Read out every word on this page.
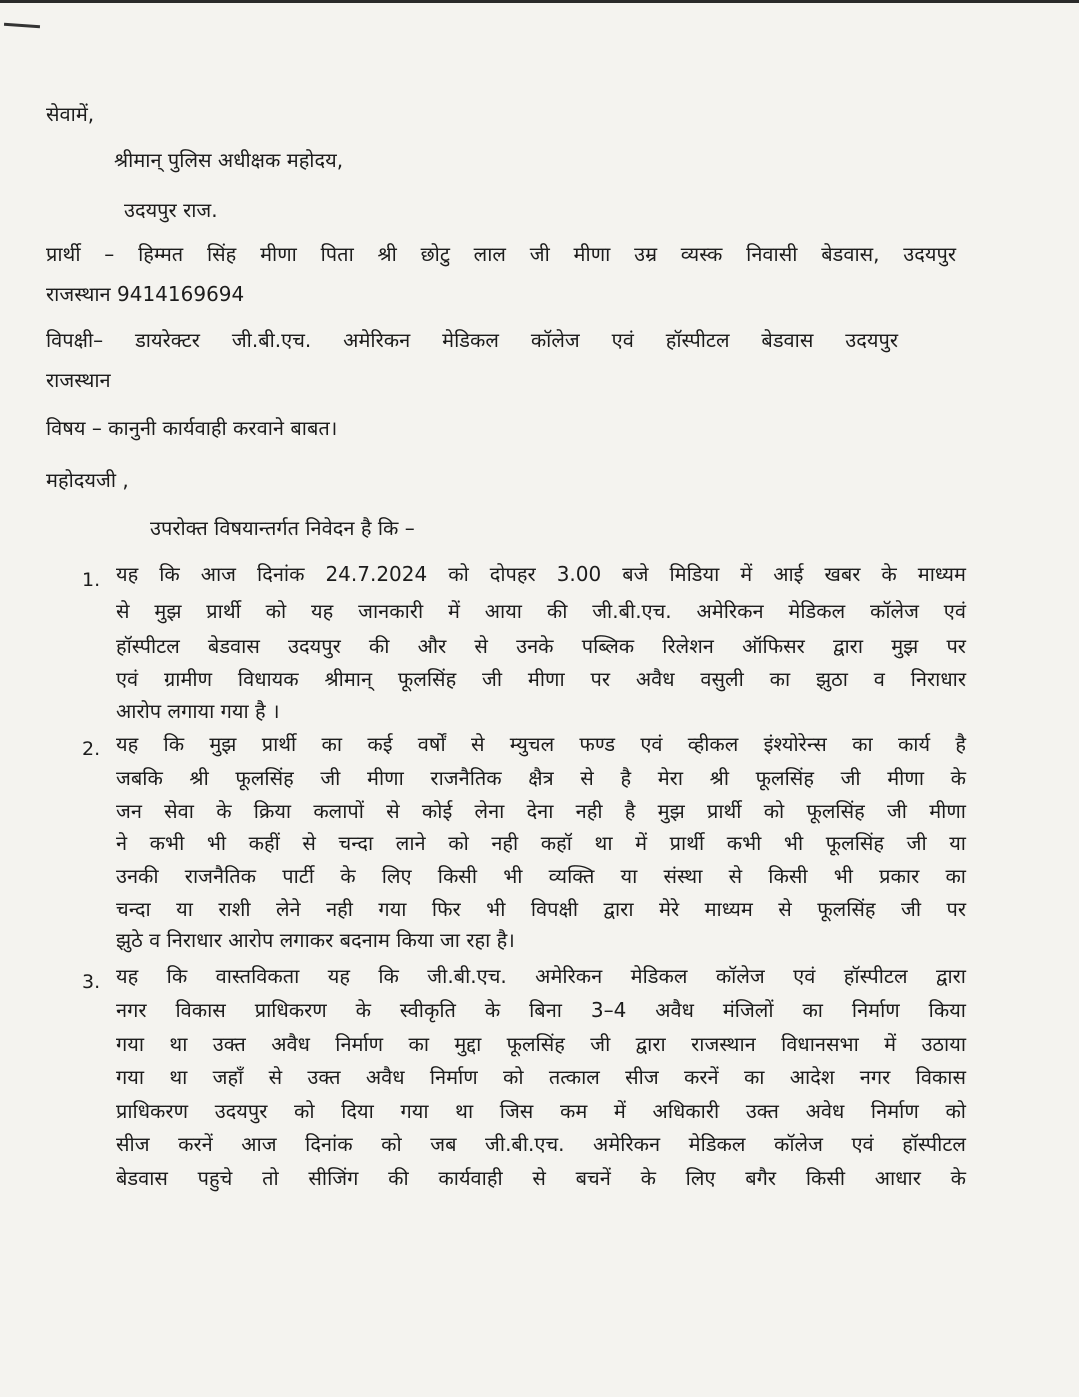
सेवामें,
श्रीमान् पुलिस अधीक्षक महोदय,
उदयपुर राज.
प्रार्थी – हिम्मत सिंह मीणा पिता श्री छोटु लाल जी मीणा उम्र व्यस्क निवासी बेडवास, उदयपुर
राजस्थान 9414169694
विपक्षी– डायरेक्टर जी.बी.एच. अमेरिकन मेडिकल कॉलेज एवं हॉस्पीटल बेडवास उदयपुर
राजस्थान
विषय – कानुनी कार्यवाही करवाने बाबत।
महोदयजी ,
उपरोक्त विषयान्तर्गत निवेदन है कि –
1. यह कि आज दिनांक 24.7.2024 को दोपहर 3.00 बजे मिडिया में आई खबर के माध्यम
से मुझ प्रार्थी को यह जानकारी में आया की जी.बी.एच. अमेरिकन मेडिकल कॉलेज एवं
हॉस्पीटल बेडवास उदयपुर की और से उनके पब्लिक रिलेशन ऑफिसर द्वारा मुझ पर
एवं ग्रामीण विधायक श्रीमान् फूलसिंह जी मीणा पर अवैध वसुली का झुठा व निराधार
आरोप लगाया गया है ।
2. यह कि मुझ प्रार्थी का कई वर्षों से म्युचल फण्ड एवं व्हीकल इंश्योरेन्स का कार्य है
जबकि श्री फूलसिंह जी मीणा राजनैतिक क्षैत्र से है मेरा श्री फूलसिंह जी मीणा के
जन सेवा के क्रिया कलापों से कोई लेना देना नही है मुझ प्रार्थी को फूलसिंह जी मीणा
ने कभी भी कहीं से चन्दा लाने को नही कहॉ था में प्रार्थी कभी भी फूलसिंह जी या
उनकी राजनैतिक पार्टी के लिए किसी भी व्यक्ति या संस्था से किसी भी प्रकार का
चन्दा या राशी लेने नही गया फिर भी विपक्षी द्वारा मेरे माध्यम से फूलसिंह जी पर
झुठे व निराधार आरोप लगाकर बदनाम किया जा रहा है।
3. यह कि वास्तविकता यह कि जी.बी.एच. अमेरिकन मेडिकल कॉलेज एवं हॉस्पीटल द्वारा
नगर विकास प्राधिकरण के स्वीकृति के बिना 3–4 अवैध मंजिलों का निर्माण किया
गया था उक्त अवैध निर्माण का मुद्दा फूलसिंह जी द्वारा राजस्थान विधानसभा में उठाया
गया था जहॉं से उक्त अवैध निर्माण को तत्काल सीज करनें का आदेश नगर विकास
प्राधिकरण उदयपुर को दिया गया था जिस कम में अधिकारी उक्त अवेध निर्माण को
सीज करनें आज दिनांक को जब जी.बी.एच. अमेरिकन मेडिकल कॉलेज एवं हॉस्पीटल
बेडवास पहुचे तो सीजिंग की कार्यवाही से बचनें के लिए बगैर किसी आधार के
